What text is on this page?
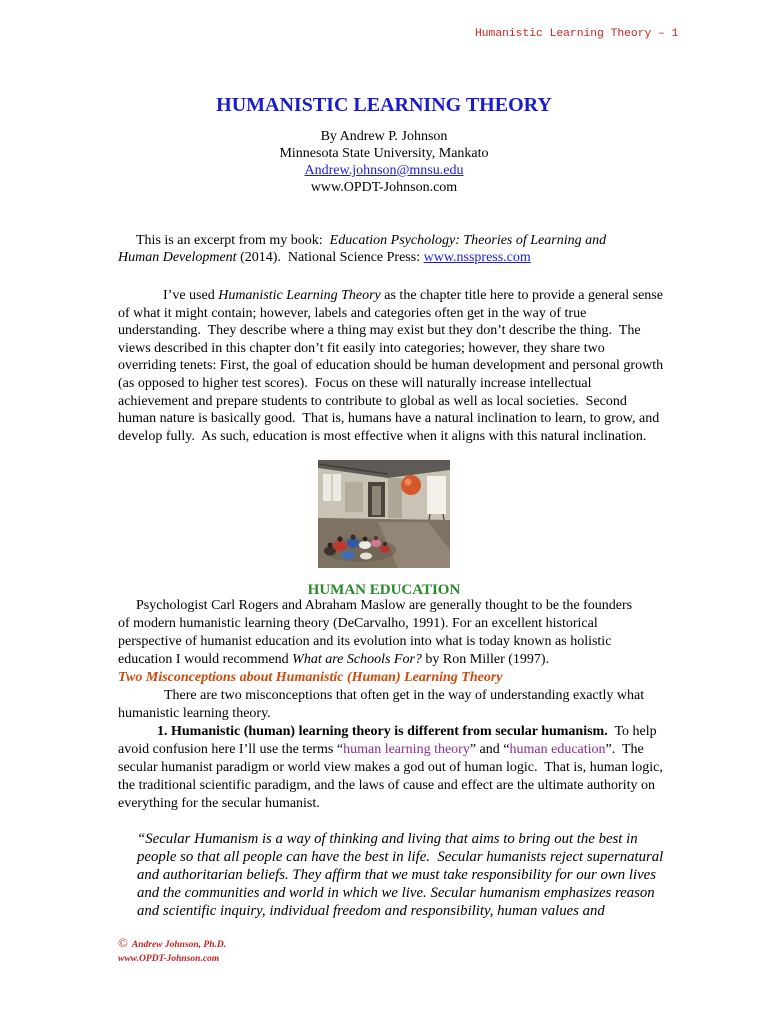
Humanistic Learning Theory – 1
HUMANISTIC LEARNING THEORY
By Andrew P. Johnson
Minnesota State University, Mankato
Andrew.johnson@mnsu.edu
www.OPDT-Johnson.com
This is an excerpt from my book:  Education Psychology: Theories of Learning and
Human Development (2014).  National Science Press: www.nsspress.com
I’ve used Humanistic Learning Theory as the chapter title here to provide a general sense
of what it might contain; however, labels and categories often get in the way of true
understanding.  They describe where a thing may exist but they don’t describe the thing.  The
views described in this chapter don’t fit easily into categories; however, they share two
overriding tenets: First, the goal of education should be human development and personal growth
(as opposed to higher test scores).  Focus on these will naturally increase intellectual
achievement and prepare students to contribute to global as well as local societies.  Second
human nature is basically good.  That is, humans have a natural inclination to learn, to grow, and
develop fully.  As such, education is most effective when it aligns with this natural inclination.
HUMAN EDUCATION
Psychologist Carl Rogers and Abraham Maslow are generally thought to be the founders
of modern humanistic learning theory (DeCarvalho, 1991). For an excellent historical
perspective of humanist education and its evolution into what is today known as holistic
education I would recommend What are Schools For? by Ron Miller (1997).
Two Misconceptions about Humanistic (Human) Learning Theory
There are two misconceptions that often get in the way of understanding exactly what
humanistic learning theory.
1. Humanistic (human) learning theory is different from secular humanism.  To help
avoid confusion here I’ll use the terms “human learning theory” and “human education”.  The
secular humanist paradigm or world view makes a god out of human logic.  That is, human logic,
the traditional scientific paradigm, and the laws of cause and effect are the ultimate authority on
everything for the secular humanist.
“Secular Humanism is a way of thinking and living that aims to bring out the best in
people so that all people can have the best in life.  Secular humanists reject supernatural
and authoritarian beliefs. They affirm that we must take responsibility for our own lives
and the communities and world in which we live. Secular humanism emphasizes reason
and scientific inquiry, individual freedom and responsibility, human values and
© Andrew Johnson, Ph.D.
www.OPDT-Johnson.com
